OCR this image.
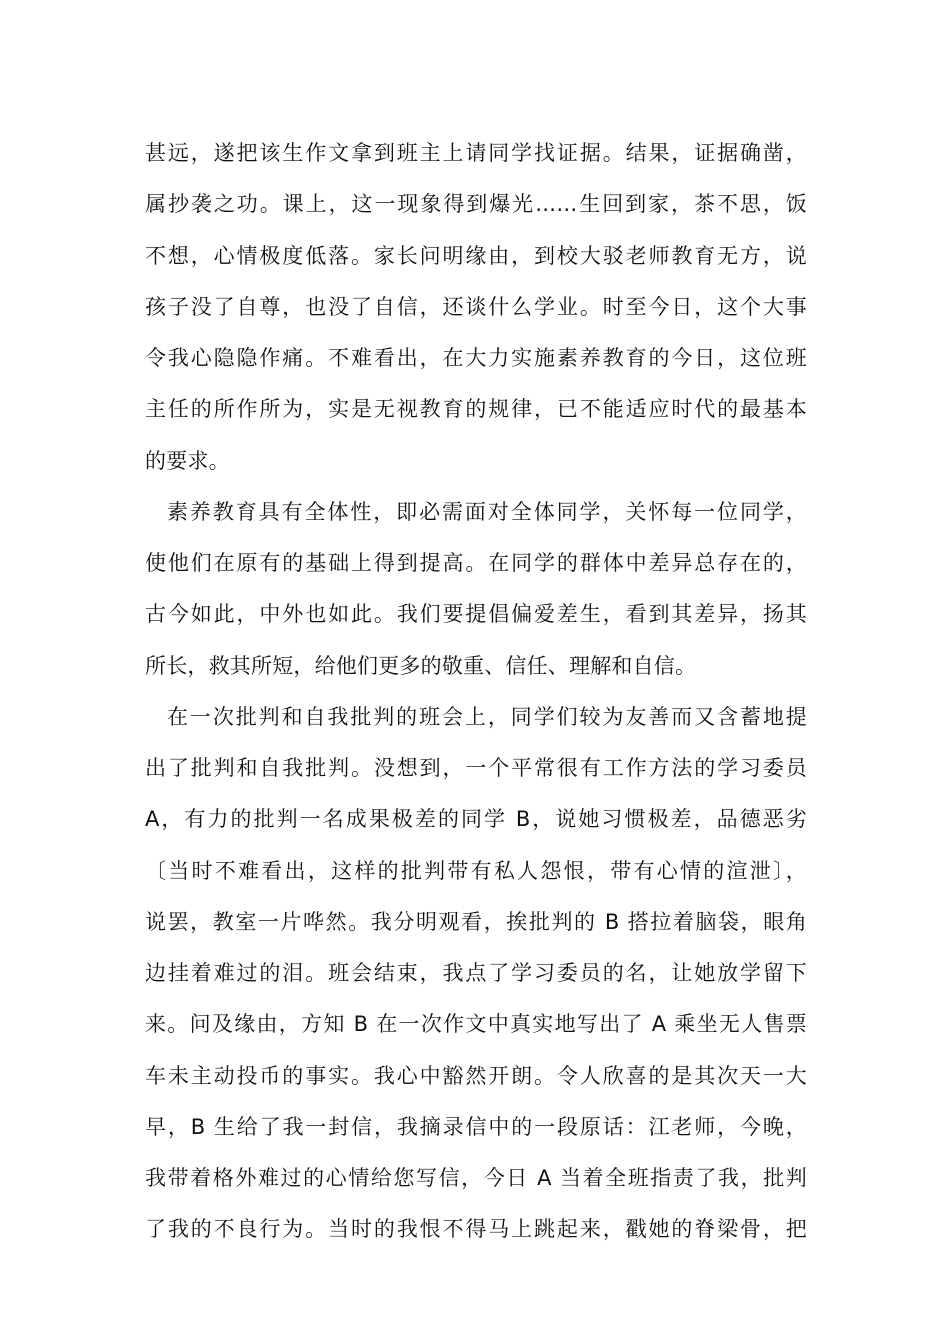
甚远，遂把该生作文拿到班主上请同学找证据。结果，证据确凿，
属抄袭之功。课上，这一现象得到爆光……生回到家，茶不思，饭
不想，心情极度低落。家长问明缘由，到校大驳老师教育无方，说
孩子没了自尊，也没了自信，还谈什么学业。时至今日，这个大事
令我心隐隐作痛。不难看出，在大力实施素养教育的今日，这位班
主任的所作所为，实是无视教育的规律，已不能适应时代的最基本
的要求。
素养教育具有全体性，即必需面对全体同学，关怀每一位同学，
使他们在原有的基础上得到提高。在同学的群体中差异总存在的，
古今如此，中外也如此。我们要提倡偏爱差生，看到其差异，扬其
所长，救其所短，给他们更多的敬重、信任、理解和自信。
在一次批判和自我批判的班会上，同学们较为友善而又含蓄地提
出了批判和自我批判。没想到，一个平常很有工作方法的学习委员
A，有力的批判一名成果极差的同学 B，说她习惯极差，品德恶劣
〔当时不难看出，这样的批判带有私人怨恨，带有心情的渲泄〕，
说罢，教室一片哗然。我分明观看，挨批判的 B 搭拉着脑袋，眼角
边挂着难过的泪。班会结束，我点了学习委员的名，让她放学留下
来。问及缘由，方知 B 在一次作文中真实地写出了 A 乘坐无人售票
车未主动投币的事实。我心中豁然开朗。令人欣喜的是其次天一大
早，B 生给了我一封信，我摘录信中的一段原话：江老师，今晚，
我带着格外难过的心情给您写信，今日 A 当着全班指责了我，批判
了我的不良行为。当时的我恨不得马上跳起来，戳她的脊梁骨，把
